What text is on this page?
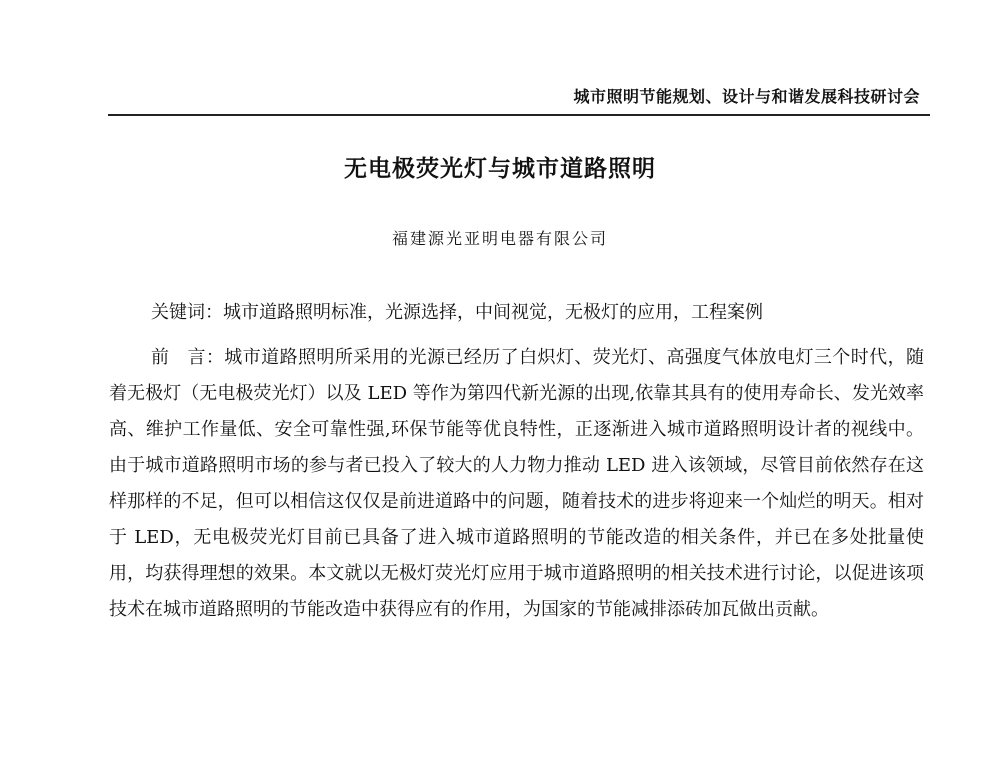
城市照明节能规划、设计与和谐发展科技研讨会
无电极荧光灯与城市道路照明
福建源光亚明电器有限公司
关键词：城市道路照明标准，光源选择，中间视觉，无极灯的应用，工程案例

前言：城市道路照明所采用的光源已经历了白炽灯、荧光灯、高强度气体放电灯三个时代，随着无极灯（无电极荧光灯）以及 LED 等作为第四代新光源的出现,依靠其具有的使用寿命长、发光效率高、维护工作量低、安全可靠性强,环保节能等优良特性，正逐渐进入城市道路照明设计者的视线中。由于城市道路照明市场的参与者已投入了较大的人力物力推动 LED 进入该领域，尽管目前依然存在这样那样的不足，但可以相信这仅仅是前进道路中的问题，随着技术的进步将迎来一个灿烂的明天。相对于 LED，无电极荧光灯目前已具备了进入城市道路照明的节能改造的相关条件，并已在多处批量使用，均获得理想的效果。本文就以无极灯荧光灯应用于城市道路照明的相关技术进行讨论，以促进该项技术在城市道路照明的节能改造中获得应有的作用，为国家的节能减排添砖加瓦做出贡献。
